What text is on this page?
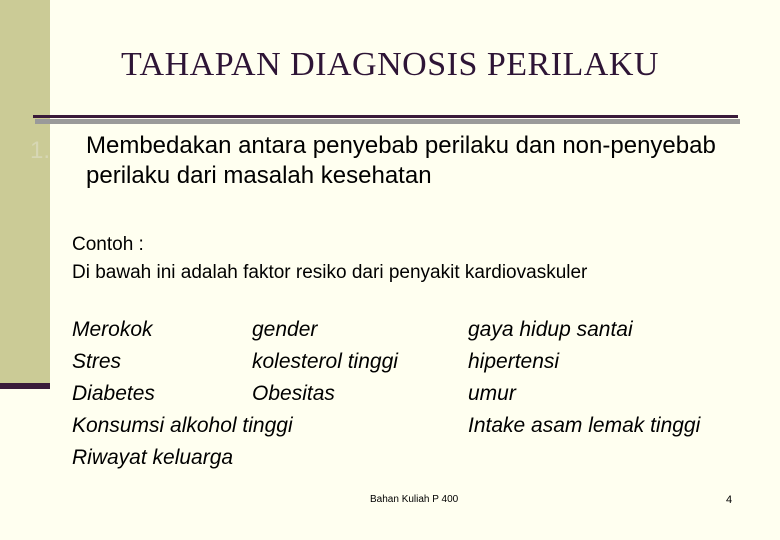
TAHAPAN DIAGNOSIS PERILAKU
1. Membedakan antara penyebab perilaku dan non-penyebab perilaku dari masalah kesehatan
Contoh :
Di bawah ini adalah faktor resiko dari penyakit kardiovaskuler
Merokok
Stres
Diabetes
Konsumsi alkohol tinggi
Riwayat keluarga
gender
kolesterol tinggi
Obesitas
gaya hidup santai
hipertensi
umur
Intake asam lemak tinggi
Bahan Kuliah P 400	4
